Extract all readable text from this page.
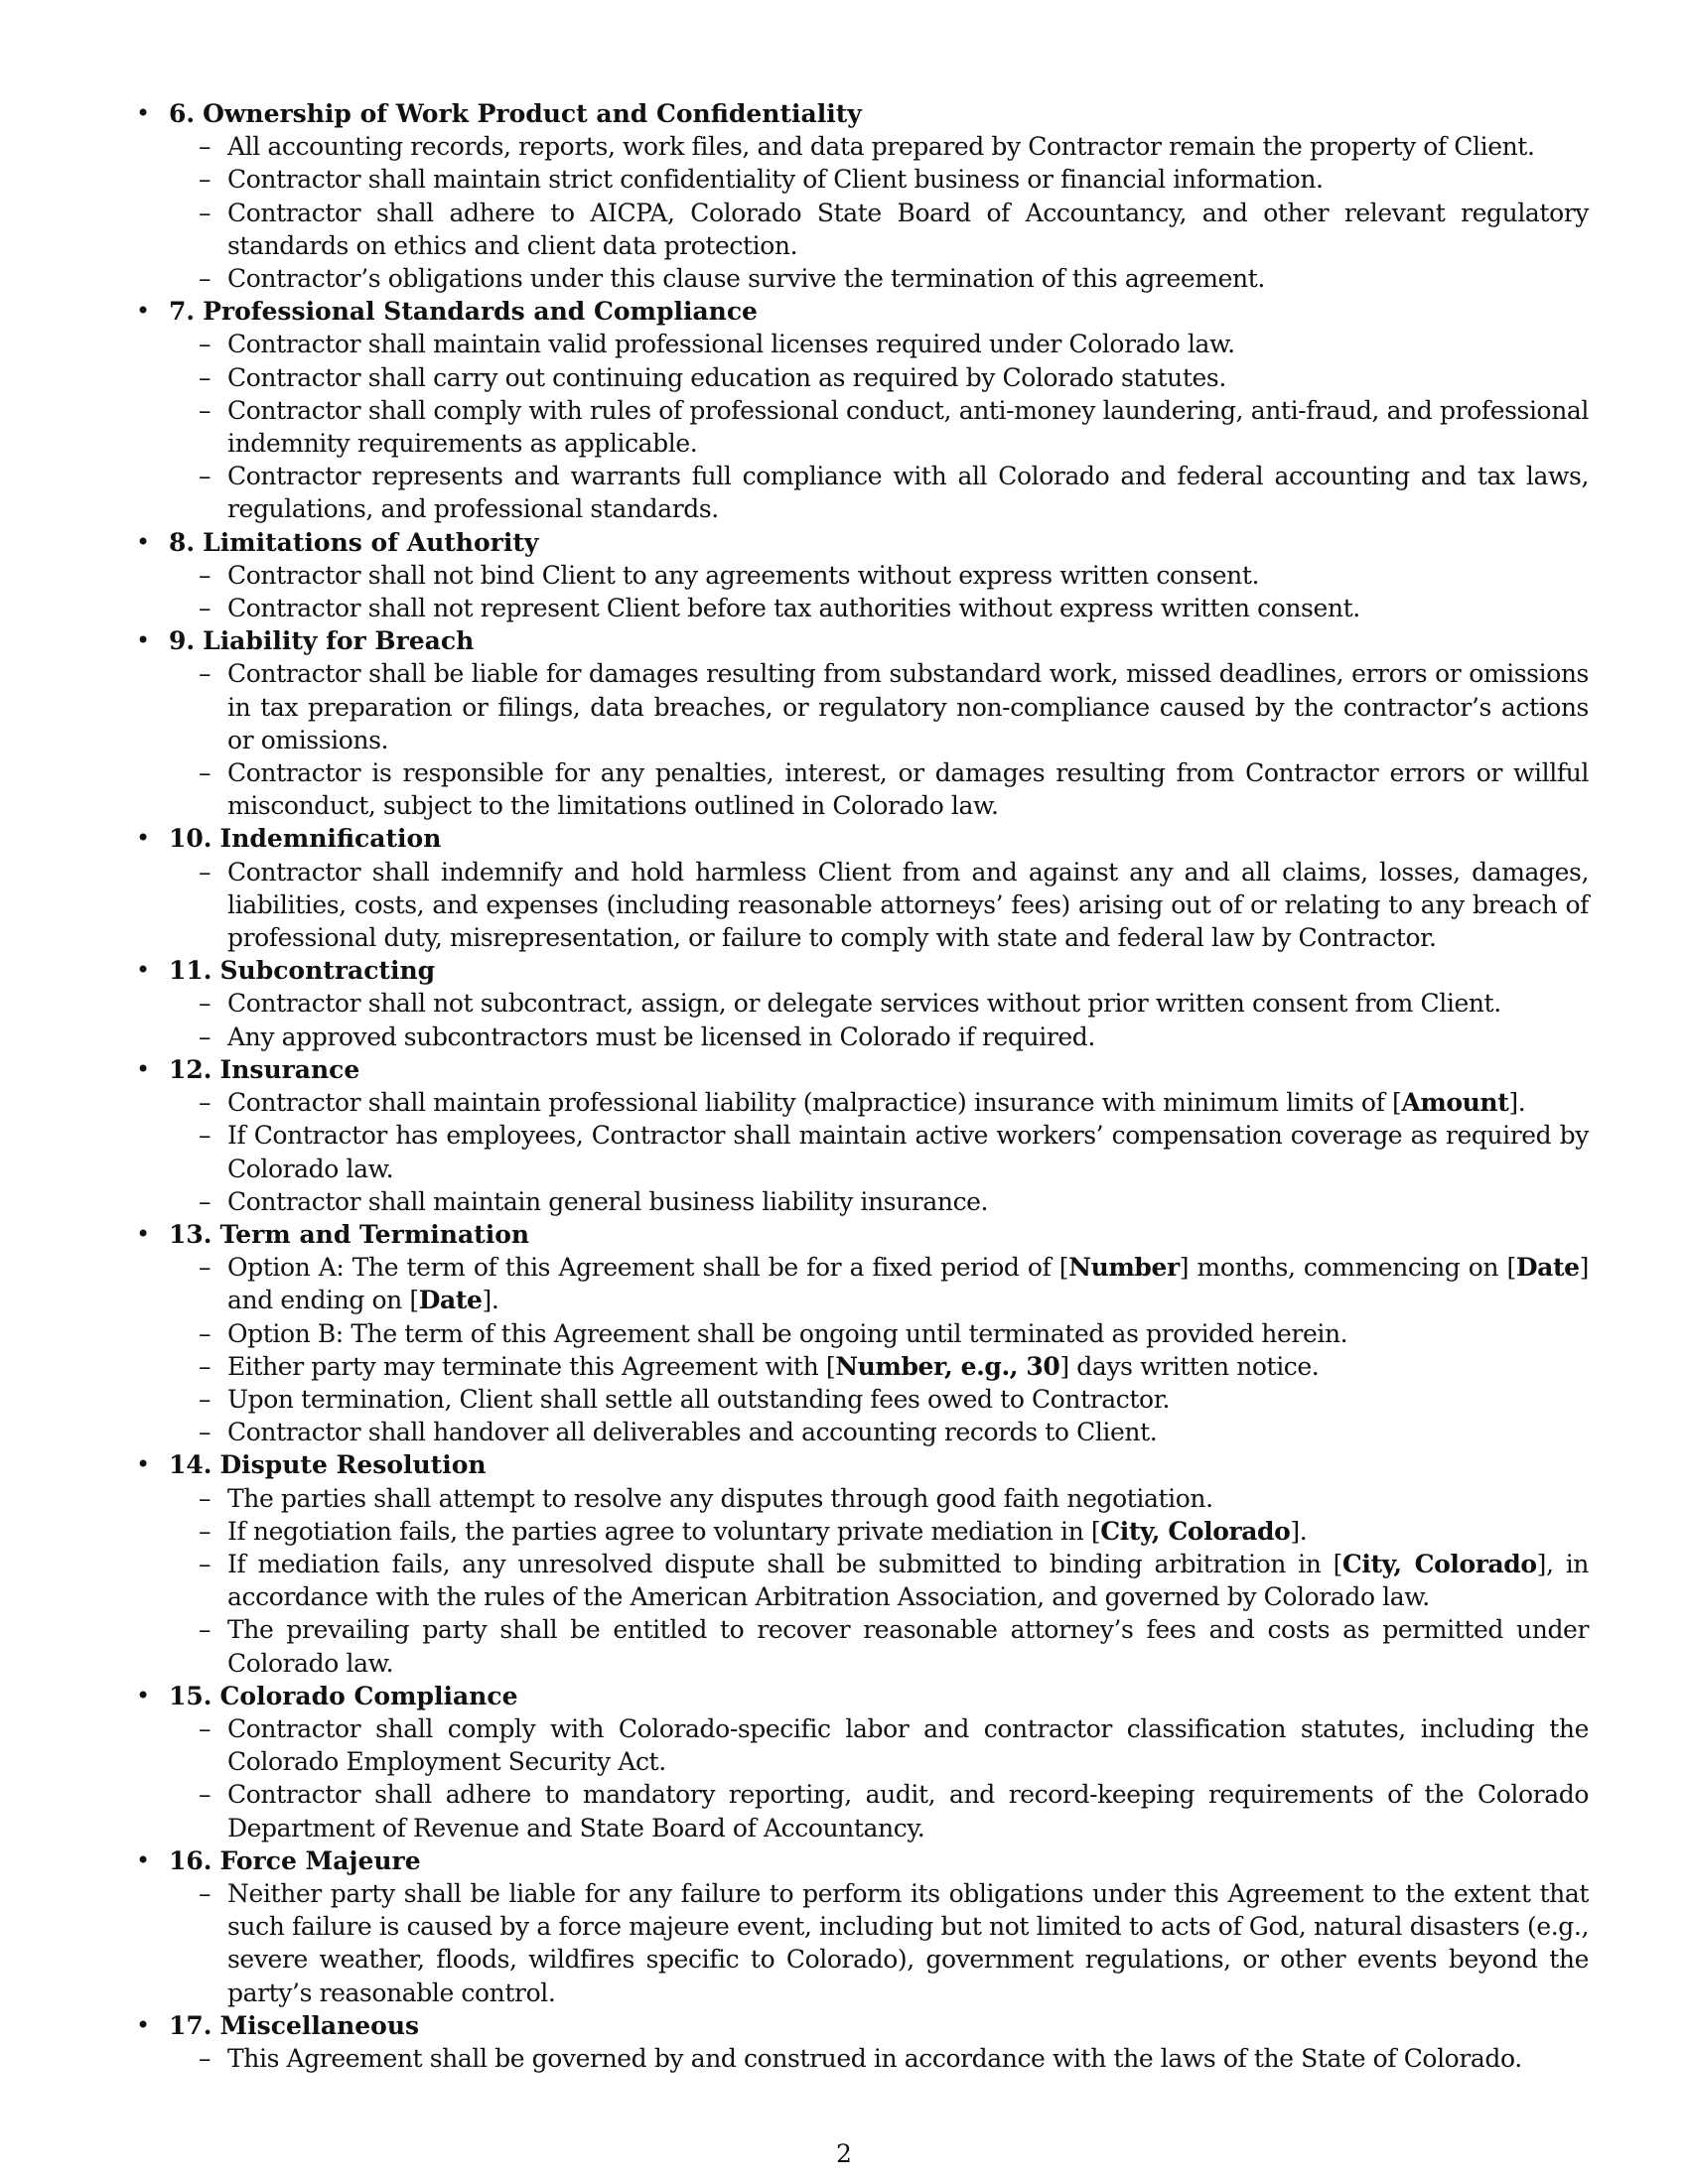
• 6. Ownership of Work Product and Confidentiality
– All accounting records, reports, work files, and data prepared by Contractor remain the property of Client.
– Contractor shall maintain strict confidentiality of Client business or financial information.
– Contractor shall adhere to AICPA, Colorado State Board of Accountancy, and other relevant regulatory standards on ethics and client data protection.
– Contractor’s obligations under this clause survive the termination of this agreement.
• 7. Professional Standards and Compliance
– Contractor shall maintain valid professional licenses required under Colorado law.
– Contractor shall carry out continuing education as required by Colorado statutes.
– Contractor shall comply with rules of professional conduct, anti-money laundering, anti-fraud, and professional indemnity requirements as applicable.
– Contractor represents and warrants full compliance with all Colorado and federal accounting and tax laws, regulations, and professional standards.
• 8. Limitations of Authority
– Contractor shall not bind Client to any agreements without express written consent.
– Contractor shall not represent Client before tax authorities without express written consent.
• 9. Liability for Breach
– Contractor shall be liable for damages resulting from substandard work, missed deadlines, errors or omissions in tax preparation or filings, data breaches, or regulatory non-compliance caused by the contractor’s actions or omissions.
– Contractor is responsible for any penalties, interest, or damages resulting from Contractor errors or willful misconduct, subject to the limitations outlined in Colorado law.
• 10. Indemnification
– Contractor shall indemnify and hold harmless Client from and against any and all claims, losses, damages, liabilities, costs, and expenses (including reasonable attorneys’ fees) arising out of or relating to any breach of professional duty, misrepresentation, or failure to comply with state and federal law by Contractor.
• 11. Subcontracting
– Contractor shall not subcontract, assign, or delegate services without prior written consent from Client.
– Any approved subcontractors must be licensed in Colorado if required.
• 12. Insurance
– Contractor shall maintain professional liability (malpractice) insurance with minimum limits of [Amount].
– If Contractor has employees, Contractor shall maintain active workers’ compensation coverage as required by Colorado law.
– Contractor shall maintain general business liability insurance.
• 13. Term and Termination
– Option A: The term of this Agreement shall be for a fixed period of [Number] months, commencing on [Date] and ending on [Date].
– Option B: The term of this Agreement shall be ongoing until terminated as provided herein.
– Either party may terminate this Agreement with [Number, e.g., 30] days written notice.
– Upon termination, Client shall settle all outstanding fees owed to Contractor.
– Contractor shall handover all deliverables and accounting records to Client.
• 14. Dispute Resolution
– The parties shall attempt to resolve any disputes through good faith negotiation.
– If negotiation fails, the parties agree to voluntary private mediation in [City, Colorado].
– If mediation fails, any unresolved dispute shall be submitted to binding arbitration in [City, Colorado], in accordance with the rules of the American Arbitration Association, and governed by Colorado law.
– The prevailing party shall be entitled to recover reasonable attorney’s fees and costs as permitted under Colorado law.
• 15. Colorado Compliance
– Contractor shall comply with Colorado-specific labor and contractor classification statutes, including the Colorado Employment Security Act.
– Contractor shall adhere to mandatory reporting, audit, and record-keeping requirements of the Colorado Department of Revenue and State Board of Accountancy.
• 16. Force Majeure
– Neither party shall be liable for any failure to perform its obligations under this Agreement to the extent that such failure is caused by a force majeure event, including but not limited to acts of God, natural disasters (e.g., severe weather, floods, wildfires specific to Colorado), government regulations, or other events beyond the party’s reasonable control.
• 17. Miscellaneous
– This Agreement shall be governed by and construed in accordance with the laws of the State of Colorado.
2
